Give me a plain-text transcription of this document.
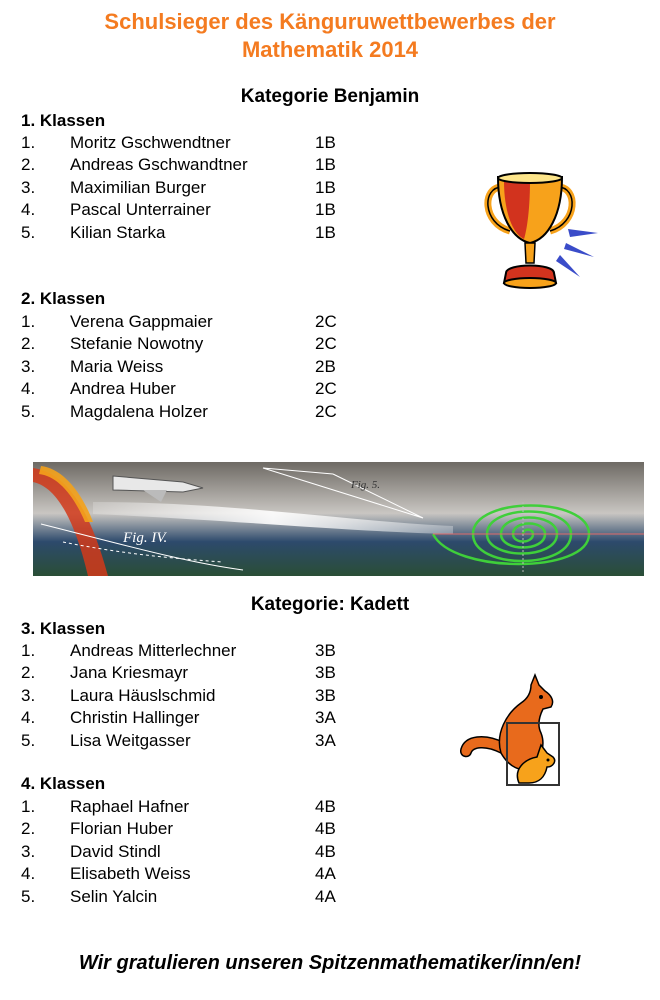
Schulsieger des Känguruwettbewerbes der
Mathematik 2014
Kategorie Benjamin
1. Klassen
1. Moritz Gschwendtner	1B
2. Andreas Gschwandtner	1B
3. Maximilian Burger	1B
4. Pascal Unterrainer	1B
5. Kilian Starka	1B
2. Klassen
1. Verena Gappmaier	2C
2. Stefanie Nowotny	2C
3. Maria Weiss	2B
4. Andrea Huber	2C
5. Magdalena Holzer	2C
Fig. IV.
Fig. 5.
Kategorie: Kadett
3. Klassen
1. Andreas Mitterlechner	3B
2. Jana Kriesmayr	3B
3. Laura Häuslschmid	3B
4. Christin Hallinger	3A
5. Lisa Weitgasser	3A
4. Klassen
1. Raphael Hafner	4B
2. Florian Huber	4B
3. David Stindl	4B
4. Elisabeth Weiss	4A
5. Selin Yalcin	4A
Wir gratulieren unseren Spitzenmathematiker/inn/en!
